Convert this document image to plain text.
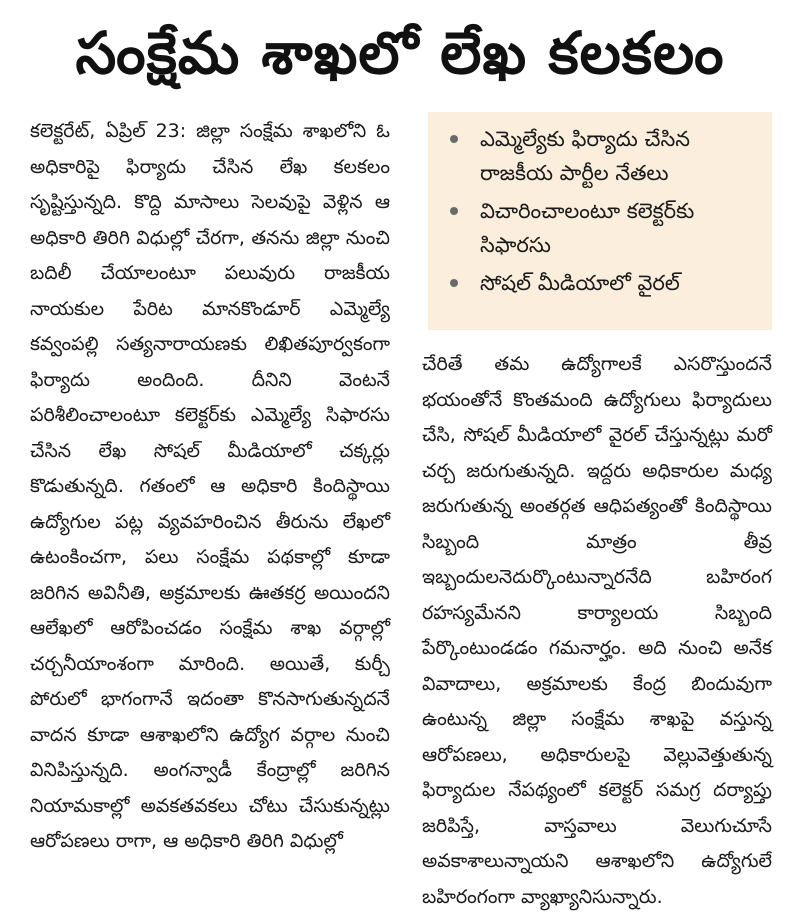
సంక్షేమ శాఖలో లేఖ కలకలం

కలెక్టరేట్‌, ఏప్రిల్‌ 23: జిల్లా సంక్షేమ శాఖలోని ఓ అధికారిపై ఫిర్యాదు చేసిన లేఖ కలకలం సృష్టిస్తున్నది. కొద్ది మాసాలు సెలవుపై వెళ్లిన ఆ అధికారి తిరిగి విధుల్లో చేరగా, తనను జిల్లా నుంచి బదిలీ చేయాలంటూ పలువురు రాజకీయ నాయకుల పేరిట మానకొండూర్‌ ఎమ్మెల్యే కవ్వంపల్లి సత్యనారాయణకు లిఖితపూర్వకంగా ఫిర్యాదు అందింది. దీనిని వెంటనే పరిశీలించాలంటూ కలెక్టర్‌కు ఎమ్మెల్యే సిఫారసు చేసిన లేఖ సోషల్‌ మీడియాలో చక్కర్లు కొడుతున్నది. గతంలో ఆ అధికారి కిందిస్థాయి ఉద్యోగుల పట్ల వ్యవహరించిన తీరును లేఖలో ఉటంకించగా, పలు సంక్షేమ పథకాల్లో కూడా జరిగిన అవినీతి, అక్రమాలకు ఊతకర్ర అయిందని ఆలేఖలో ఆరోపించడం సంక్షేమ శాఖ వర్గాల్లో చర్చనీయాంశంగా మారింది. అయితే, కుర్చీ పోరులో భాగంగానే ఇదంతా కొనసాగుతున్నదనే వాదన కూడా ఆశాఖలోని ఉద్యోగ వర్గాల నుంచి వినిపిస్తున్నది. అంగన్వాడీ కేంద్రాల్లో జరిగిన నియామకాల్లో అవకతవకలు చోటు చేసుకున్నట్లు ఆరోపణలు రాగా, ఆ అధికారి తిరిగి విధుల్లో

ఎమ్మెల్యేకు ఫిర్యాదు చేసిన రాజకీయ పార్టీల నేతలు
విచారించాలంటూ కలెక్టర్‌కు సిఫారసు
సోషల్‌ మీడియాలో వైరల్‌

చేరితే తమ ఉద్యోగాలకే ఎసరొస్తుందనే భయంతోనే కొంతమంది ఉద్యోగులు ఫిర్యాదులు చేసి, సోషల్‌ మీడియాలో వైరల్‌ చేస్తున్నట్లు మరో చర్చ జరుగుతున్నది. ఇద్దరు అధికారుల మధ్య జరుగుతున్న అంతర్గత ఆధిపత్యంతో కిందిస్థాయి సిబ్బంది మాత్రం తీవ్ర ఇబ్బందులనెదుర్కొంటున్నారనేది బహిరంగ రహస్యమేనని కార్యాలయ సిబ్బంది పేర్కొంటుండడం గమనార్హం. అది నుంచి అనేక వివాదాలు, అక్రమాలకు కేంద్ర బిందువుగా ఉంటున్న జిల్లా సంక్షేమ శాఖపై వస్తున్న ఆరోపణలు, అధికారులపై వెల్లువెత్తుతున్న ఫిర్యాదుల నేపథ్యంలో కలెక్టర్‌ సమగ్ర దర్యాప్తు జరిపిస్తే, వాస్తవాలు వెలుగుచూసే అవకాశాలున్నాయని ఆశాఖలోని ఉద్యోగులే బహిరంగంగా వ్యాఖ్యానిసున్నారు.
